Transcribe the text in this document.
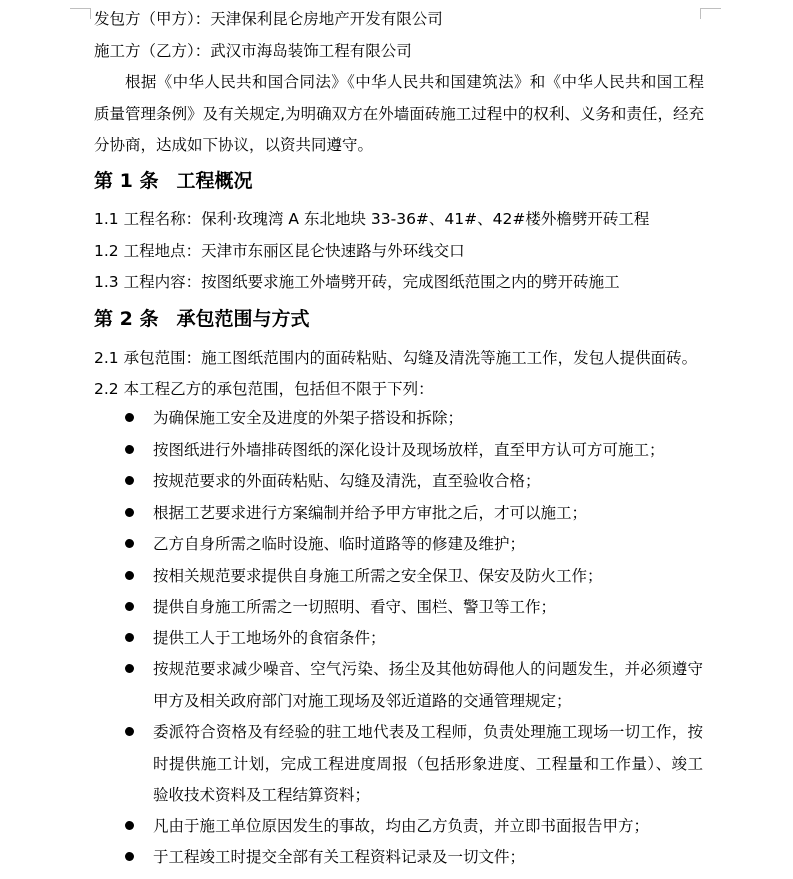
发包方（甲方）：天津保利昆仑房地产开发有限公司
施工方（乙方）：武汉市海岛装饰工程有限公司
根据《中华人民共和国合同法》《中华人民共和国建筑法》和《中华人民共和国工程质量管理条例》及有关规定,为明确双方在外墙面砖施工过程中的权利、义务和责任，经充分协商，达成如下协议，以资共同遵守。
第 1 条 工程概况
1.1 工程名称：保利·玫瑰湾 A 东北地块 33-36#、41#、42#楼外檐劈开砖工程
1.2 工程地点：天津市东丽区昆仑快速路与外环线交口
1.3 工程内容：按图纸要求施工外墙劈开砖，完成图纸范围之内的劈开砖施工
第 2 条 承包范围与方式
2.1 承包范围：施工图纸范围内的面砖粘贴、勾缝及清洗等施工工作，发包人提供面砖。
2.2 本工程乙方的承包范围，包括但不限于下列：
为确保施工安全及进度的外架子搭设和拆除；
按图纸进行外墙排砖图纸的深化设计及现场放样，直至甲方认可方可施工；
按规范要求的外面砖粘贴、勾缝及清洗，直至验收合格；
根据工艺要求进行方案编制并给予甲方审批之后，才可以施工；
乙方自身所需之临时设施、临时道路等的修建及维护；
按相关规范要求提供自身施工所需之安全保卫、保安及防火工作；
提供自身施工所需之一切照明、看守、围栏、警卫等工作；
提供工人于工地场外的食宿条件；
按规范要求减少噪音、空气污染、扬尘及其他妨碍他人的问题发生，并必须遵守甲方及相关政府部门对施工现场及邻近道路的交通管理规定；
委派符合资格及有经验的驻工地代表及工程师，负责处理施工现场一切工作，按时提供施工计划，完成工程进度周报（包括形象进度、工程量和工作量）、竣工验收技术资料及工程结算资料；
凡由于施工单位原因发生的事故，均由乙方负责，并立即书面报告甲方；
于工程竣工时提交全部有关工程资料记录及一切文件；
